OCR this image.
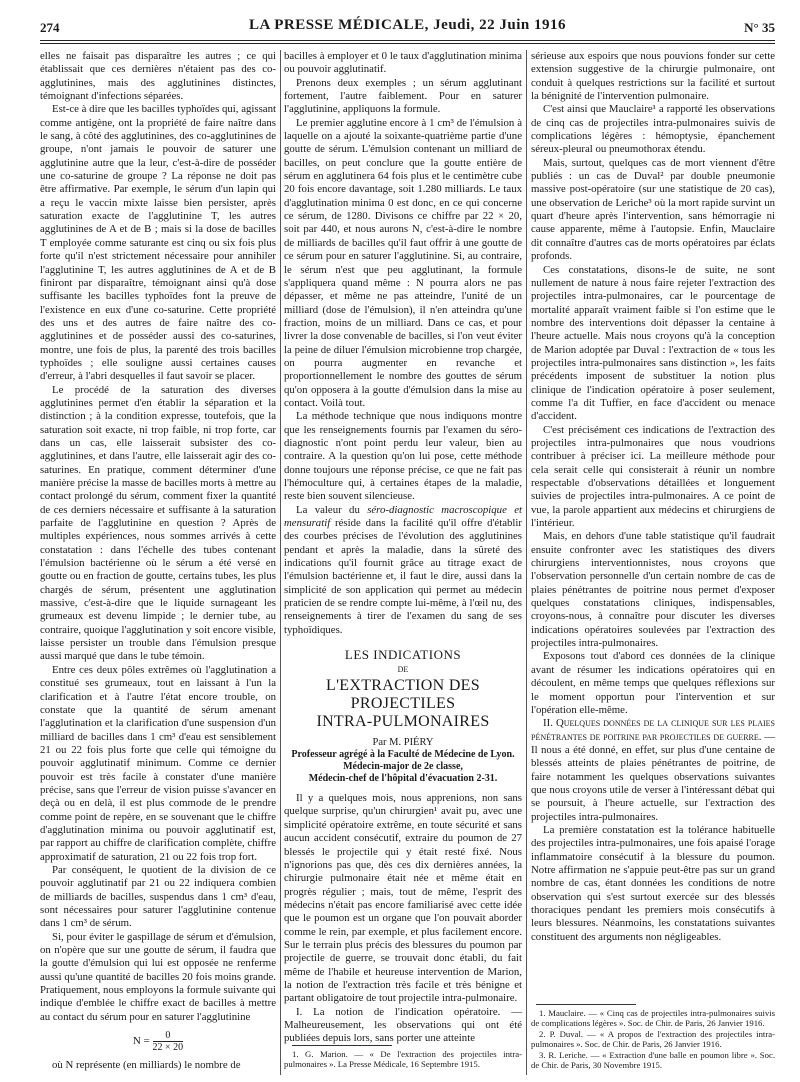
274	LA PRESSE MÉDICALE, Jeudi, 22 Juin 1916	N° 35

elles ne faisait pas disparaître les autres ; ce qui établissait que ces dernières n'étaient pas des co-agglutinines, mais des agglutinines distinctes, témoignant d'infections séparées.

Est-ce à dire que les bacilles typhoïdes qui, agissant comme antigène, ont la propriété de faire naître dans le sang, à côté des agglutinines, des co-agglutinines de groupe, n'ont jamais le pouvoir de saturer une agglutinine autre que la leur, c'est-à-dire de posséder une co-saturine de groupe ? La réponse ne doit pas être affirmative. Par exemple, le sérum d'un lapin qui a reçu le vaccin mixte laisse bien persister, après saturation exacte de l'agglutinine T, les autres agglutinines de A et de B ; mais si la dose de bacilles T employée comme saturante est cinq ou six fois plus forte qu'il n'est strictement nécessaire pour annihiler l'agglutinine T, les autres agglutinines de A et de B finiront par disparaître, témoignant ainsi qu'à dose suffisante les bacilles typhoïdes font la preuve de l'existence en eux d'une co-saturine. Cette propriété des uns et des autres de faire naître des co-agglutinines et de posséder aussi des co-saturines, montre, une fois de plus, la parenté des trois bacilles typhoïdes ; elle souligne aussi certaines causes d'erreur, à l'abri desquelles il faut savoir se placer.

Le procédé de la saturation des diverses agglutinines permet d'en établir la séparation et la distinction ; à la condition expresse, toutefois, que la saturation soit exacte, ni trop faible, ni trop forte, car dans un cas, elle laisserait subsister des co-agglutinines, et dans l'autre, elle laisserait agir des co-saturines. En pratique, comment déterminer d'une manière précise la masse de bacilles morts à mettre au contact prolongé du sérum, comment fixer la quantité de ces derniers nécessaire et suffisante à la saturation parfaite de l'agglutinine en question ? Après de multiples expériences, nous sommes arrivés à cette constatation : dans l'échelle des tubes contenant l'émulsion bactérienne où le sérum a été versé en goutte ou en fraction de goutte, certains tubes, les plus chargés de sérum, présentent une agglutination massive, c'est-à-dire que le liquide surnageant les grumeaux est devenu limpide ; le dernier tube, au contraire, quoique l'agglutination y soit encore visible, laisse persister un trouble dans l'émulsion presque aussi marqué que dans le tube témoin.

Entre ces deux pôles extrêmes où l'agglutination a constitué ses grumeaux, tout en laissant à l'un la clarification et à l'autre l'état encore trouble, on constate que la quantité de sérum amenant l'agglutination et la clarification d'une suspension d'un milliard de bacilles dans 1 cm³ d'eau est sensiblement 21 ou 22 fois plus forte que celle qui témoigne du pouvoir agglutinatif minimum. Comme ce dernier pouvoir est très facile à constater d'une manière précise, sans que l'erreur de vision puisse s'avancer en deçà ou en delà, il est plus commode de le prendre comme point de repère, en se souvenant que le chiffre d'agglutination minima ou pouvoir agglutinatif est, par rapport au chiffre de clarification complète, chiffre approximatif de saturation, 21 ou 22 fois trop fort.

Par conséquent, le quotient de la division de ce pouvoir agglutinatif par 21 ou 22 indiquera combien de milliards de bacilles, suspendus dans 1 cm³ d'eau, sont nécessaires pour saturer l'agglutinine contenue dans 1 cm³ de sérum.

Si, pour éviter le gaspillage de sérum et d'émulsion, on n'opère que sur une goutte de sérum, il faudra que la goutte d'émulsion qui lui est opposée ne renferme aussi qu'une quantité de bacilles 20 fois moins grande. Pratiquement, nous employons la formule suivante qui indique d'emblée le chiffre exact de bacilles à mettre au contact du sérum pour en saturer l'agglutinine

$N = \frac{0}{22 \times 20}$

où N représente (en milliards) le nombre de

bacilles à employer et 0 le taux d'agglutination minima ou pouvoir agglutinatif.

Prenons deux exemples ; un sérum agglutinant fortement, l'autre faiblement. Pour en saturer l'agglutinine, appliquons la formule.

Le premier agglutine encore à 1 cm³ de l'émulsion à laquelle on a ajouté la soixante-quatrième partie d'une goutte de sérum. L'émulsion contenant un milliard de bacilles, on peut conclure que la goutte entière de sérum en agglutinera 64 fois plus et le centimètre cube 20 fois encore davantage, soit 1.280 milliards. Le taux d'agglutination minima 0 est donc, en ce qui concerne ce sérum, de 1280. Divisons ce chiffre par 22 × 20, soit par 440, et nous aurons N, c'est-à-dire le nombre de milliards de bacilles qu'il faut offrir à une goutte de ce sérum pour en saturer l'agglutinine. Si, au contraire, le sérum n'est que peu agglutinant, la formule s'appliquera quand même : N pourra alors ne pas dépasser, et même ne pas atteindre, l'unité de un milliard (dose de l'émulsion), il n'en atteindra qu'une fraction, moins de un milliard. Dans ce cas, et pour livrer la dose convenable de bacilles, si l'on veut éviter la peine de diluer l'émulsion microbienne trop chargée, on pourra augmenter en revanche et proportionnellement le nombre des gouttes de sérum qu'on opposera à la goutte d'émulsion dans la mise au contact. Voilà tout.

La méthode technique que nous indiquons montre que les renseignements fournis par l'examen du séro-diagnostic n'ont point perdu leur valeur, bien au contraire. A la question qu'on lui pose, cette méthode donne toujours une réponse précise, ce que ne fait pas l'hémoculture qui, à certaines étapes de la maladie, reste bien souvent silencieuse.

La valeur du séro-diagnostic macroscopique et mensuratif réside dans la facilité qu'il offre d'établir des courbes précises de l'évolution des agglutinines pendant et après la maladie, dans la sûreté des indications qu'il fournit grâce au titrage exact de l'émulsion bactérienne et, il faut le dire, aussi dans la simplicité de son application qui permet au médecin praticien de se rendre compte lui-même, à l'œil nu, des renseignements à tirer de l'examen du sang de ses typhoïdiques.

LES INDICATIONS
DE
L'EXTRACTION DES PROJECTILES
INTRA-PULMONAIRES
Par M. PIÉRY
Professeur agrégé à la Faculté de Médecine de Lyon.
Médecin-major de 2e classe,
Médecin-chef de l'hôpital d'évacuation 2-31.

Il y a quelques mois, nous apprenions, non sans quelque surprise, qu'un chirurgien¹ avait pu, avec une simplicité opératoire extrême, en toute sécurité et sans aucun accident consécutif, extraire du poumon de 27 blessés le projectile qui y était resté fixé. Nous n'ignorions pas que, dès ces dix dernières années, la chirurgie pulmonaire était née et même était en progrès régulier ; mais, tout de même, l'esprit des médecins n'était pas encore familiarisé avec cette idée que le poumon est un organe que l'on pouvait aborder comme le rein, par exemple, et plus facilement encore. Sur le terrain plus précis des blessures du poumon par projectile de guerre, se trouvait donc établi, du fait même de l'habile et heureuse intervention de Marion, la notion de l'extraction très facile et très bénigne et partant obligatoire de tout projectile intra-pulmonaire.

I. La notion de l'indication opératoire. — Malheureusement, les observations qui ont été publiées depuis lors, sans porter une atteinte

1. G. Marion. — « De l'extraction des projectiles intra-pulmonaires ». La Presse Médicale, 16 Septembre 1915.

sérieuse aux espoirs que nous pouvions fonder sur cette extension suggestive de la chirurgie pulmonaire, ont conduit à quelques restrictions sur la facilité et surtout la bénignité de l'intervention pulmonaire.

C'est ainsi que Mauclaire¹ a rapporté les observations de cinq cas de projectiles intra-pulmonaires suivis de complications légères : hémoptysie, épanchement séreux-pleural ou pneumothorax étendu.

Mais, surtout, quelques cas de mort viennent d'être publiés : un cas de Duval² par double pneumonie massive post-opératoire (sur une statistique de 20 cas), une observation de Leriche³ où la mort rapide survint un quart d'heure après l'intervention, sans hémorragie ni cause apparente, même à l'autopsie. Enfin, Mauclaire dit connaître d'autres cas de morts opératoires par éclats profonds.

Ces constatations, disons-le de suite, ne sont nullement de nature à nous faire rejeter l'extraction des projectiles intra-pulmonaires, car le pourcentage de mortalité apparaît vraiment faible si l'on estime que le nombre des interventions doit dépasser la centaine à l'heure actuelle. Mais nous croyons qu'à la conception de Marion adoptée par Duval : l'extraction de « tous les projectiles intra-pulmonaires sans distinction », les faits précédents imposent de substituer la notion plus clinique de l'indication opératoire à poser seulement, comme l'a dit Tuffier, en face d'accident ou menace d'accident.

C'est précisément ces indications de l'extraction des projectiles intra-pulmonaires que nous voudrions contribuer à préciser ici. La meilleure méthode pour cela serait celle qui consisterait à réunir un nombre respectable d'observations détaillées et longuement suivies de projectiles intra-pulmonaires. A ce point de vue, la parole appartient aux médecins et chirurgiens de l'intérieur.

Mais, en dehors d'une table statistique qu'il faudrait ensuite confronter avec les statistiques des divers chirurgiens interventionnistes, nous croyons que l'observation personnelle d'un certain nombre de cas de plaies pénétrantes de poitrine nous permet d'exposer quelques constatations cliniques, indispensables, croyons-nous, à connaître pour discuter les diverses indications opératoires soulevées par l'extraction des projectiles intra-pulmonaires.

Exposons tout d'abord ces données de la clinique avant de résumer les indications opératoires qui en découlent, en même temps que quelques réflexions sur le moment opportun pour l'intervention et sur l'opération elle-même.

II. Quelques données de la clinique sur les plaies pénétrantes de poitrine par projectiles de guerre. — Il nous a été donné, en effet, sur plus d'une centaine de blessés atteints de plaies pénétrantes de poitrine, de faire notamment les quelques observations suivantes que nous croyons utile de verser à l'intéressant débat qui se poursuit, à l'heure actuelle, sur l'extraction des projectiles intra-pulmonaires.

La première constatation est la tolérance habituelle des projectiles intra-pulmonaires, une fois apaisé l'orage inflammatoire consécutif à la blessure du poumon. Notre affirmation ne s'appuie peut-être pas sur un grand nombre de cas, étant données les conditions de notre observation qui s'est surtout exercée sur des blessés thoraciques pendant les premiers mois consécutifs à leurs blessures. Néanmoins, les constatations suivantes constituent des arguments non négligeables.

1. Mauclaire. — « Cinq cas de projectiles intra-pulmonaires suivis de complications légères ». Soc. de Chir. de Paris, 26 Janvier 1916.

2. P. Duval. — « A propos de l'extraction des projectiles intra-pulmonaires ». Soc. de Chir. de Paris, 26 Janvier 1916.

3. R. Leriche. — « Extraction d'une balle en poumon libre ». Soc. de Chir. de Paris, 30 Novembre 1915.
